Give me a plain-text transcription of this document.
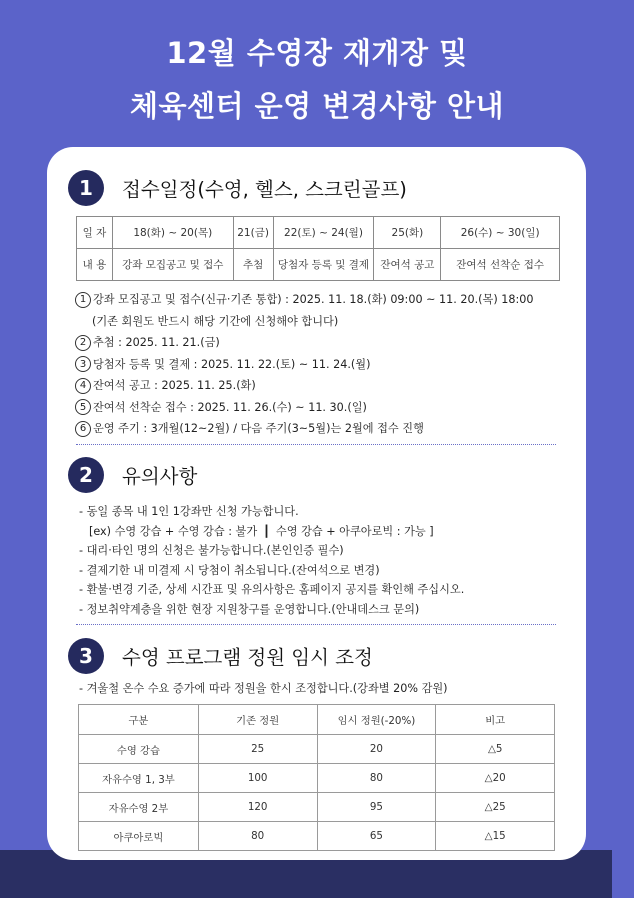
12월 수영장 재개장 및
체육센터 운영 변경사항 안내
1	접수일정(수영, 헬스, 스크린골프)
일 자	18(화) ~ 20(목)	21(금)	22(토) ~ 24(월)	25(화)	26(수) ~ 30(일)
내 용	강좌 모집공고 및 접수	추첨	당첨자 등록 및 결제	잔여석 공고	잔여석 선착순 접수
1 강좌 모집공고 및 접수(신규·기존 통합) : 2025. 11. 18.(화) 09:00 ~ 11. 20.(목) 18:00
(기존 회원도 반드시 해당 기간에 신청해야 합니다)
2 추첨 : 2025. 11. 21.(금)
3 당첨자 등록 및 결제 : 2025. 11. 22.(토) ~ 11. 24.(월)
4 잔여석 공고 : 2025. 11. 25.(화)
5 잔여석 선착순 접수 : 2025. 11. 26.(수) ~ 11. 30.(일)
6 운영 주기 : 3개월(12~2월) / 다음 주기(3~5월)는 2월에 접수 진행
2	유의사항
- 동일 종목 내 1인 1강좌만 신청 가능합니다.
[ex) 수영 강습 + 수영 강습 : 불가 ┃ 수영 강습 + 아쿠아로빅 : 가능 ]
- 대리·타인 명의 신청은 불가능합니다.(본인인증 필수)
- 결제기한 내 미결제 시 당첨이 취소됩니다.(잔여석으로 변경)
- 환불·변경 기준, 상세 시간표 및 유의사항은 홈페이지 공지를 확인해 주십시오.
- 정보취약계층을 위한 현장 지원창구를 운영합니다.(안내데스크 문의)
3	수영 프로그램 정원 임시 조정
- 겨울철 온수 수요 증가에 따라 정원을 한시 조정합니다.(강좌별 20% 감원)
구분	기존 정원	임시 정원(-20%)	비고
수영 강습	25	20	△5
자유수영 1, 3부	100	80	△20
자유수영 2부	120	95	△25
아쿠아로빅	80	65	△15
